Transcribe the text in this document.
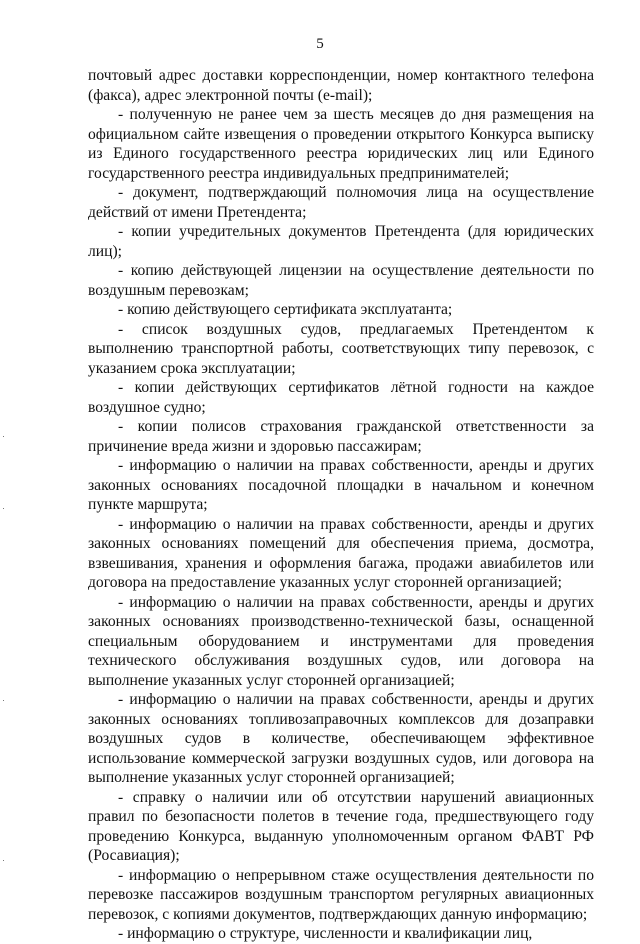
5

почтовый адрес доставки корреспонденции, номер контактного телефона (факса), адрес электронной почты (e-mail);

- полученную не ранее чем за шесть месяцев до дня размещения на официальном сайте извещения о проведении открытого Конкурса выписку из Единого государственного реестра юридических лиц или Единого государственного реестра индивидуальных предпринимателей;

- документ, подтверждающий полномочия лица на осуществление действий от имени Претендента;

- копии учредительных документов Претендента (для юридических лиц);

- копию действующей лицензии на осуществление деятельности по воздушным перевозкам;

- копию действующего сертификата эксплуатанта;

- список воздушных судов, предлагаемых Претендентом к выполнению транспортной работы, соответствующих типу перевозок, с указанием срока эксплуатации;

- копии действующих сертификатов лётной годности на каждое воздушное судно;

- копии полисов страхования гражданской ответственности за причинение вреда жизни и здоровью пассажирам;

- информацию о наличии на правах собственности, аренды и других законных основаниях посадочной площадки в начальном и конечном пункте маршрута;

- информацию о наличии на правах собственности, аренды и других законных основаниях помещений для обеспечения приема, досмотра, взвешивания, хранения и оформления багажа, продажи авиабилетов или договора на предоставление указанных услуг сторонней организацией;

- информацию о наличии на правах собственности, аренды и других законных основаниях производственно-технической базы, оснащенной специальным оборудованием и инструментами для проведения технического обслуживания воздушных судов, или договора на выполнение указанных услуг сторонней организацией;

- информацию о наличии на правах собственности, аренды и других законных основаниях топливозаправочных комплексов для дозаправки воздушных судов в количестве, обеспечивающем эффективное использование коммерческой загрузки воздушных судов, или договора на выполнение указанных услуг сторонней организацией;

- справку о наличии или об отсутствии нарушений авиационных правил по безопасности полетов в течение года, предшествующего году проведению Конкурса, выданную уполномоченным органом ФАВТ РФ (Росавиация);

- информацию о непрерывном стаже осуществления деятельности по перевозке пассажиров воздушным транспортом регулярных авиационных перевозок, с копиями документов, подтверждающих данную информацию;

- информацию о структуре, численности и квалификации лиц,
